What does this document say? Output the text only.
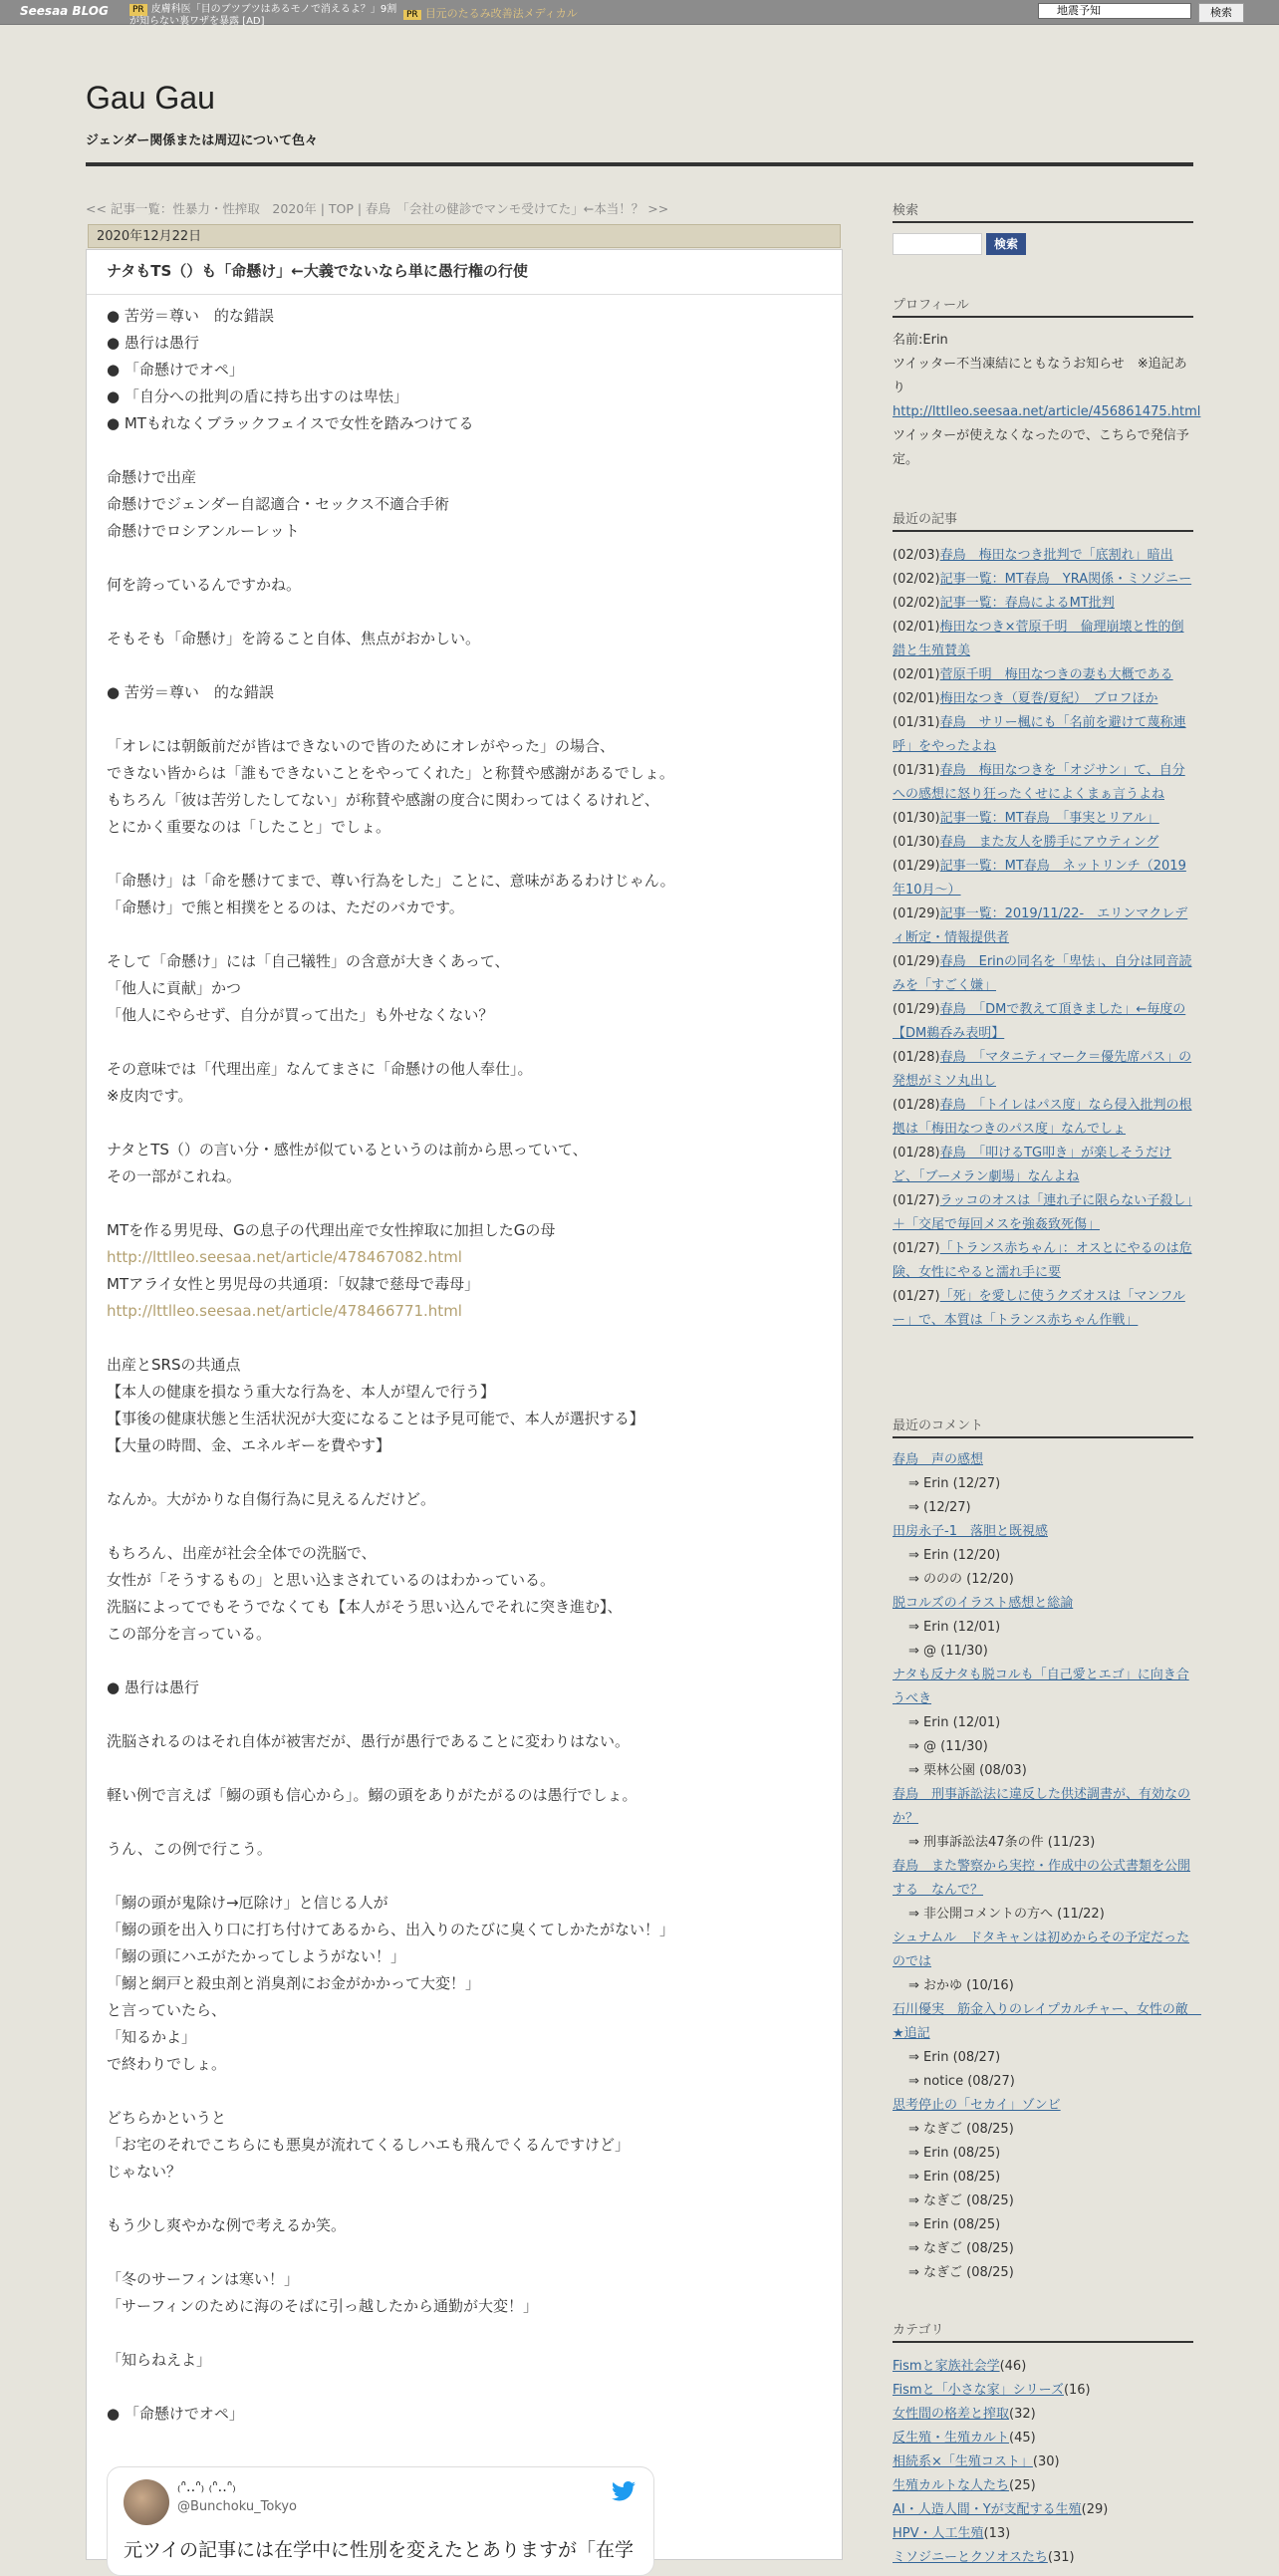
Seesaa BLOG	PR 皮膚科医「目のブツブツはあるモノで消えるよ？」9割が知らない裏ワザを暴露 [AD]
PR 目元のたるみ改善法メディカル	地震予知	検索
Gau Gau
ジェンダー関係または周辺について色々
<< 記事一覧：性暴力・性搾取　2020年 | TOP | 春鳥　「会社の健診でマンモ受けてた」←本当！？ >>
2020年12月22日
ナタもTS（）も「命懸け」←大義でないなら単に愚行権の行使
● 苦労＝尊い　的な錯誤
● 愚行は愚行
● 「命懸けでオペ」
● 「自分への批判の盾に持ち出すのは卑怯」
● MTもれなくブラックフェイスで女性を踏みつけてる

命懸けで出産
命懸けでジェンダー自認適合・セックス不適合手術
命懸けでロシアンルーレット

何を誇っているんですかね。

そもそも「命懸け」を誇ること自体、焦点がおかしい。

● 苦労＝尊い　的な錯誤

「オレには朝飯前だが皆はできないので皆のためにオレがやった」の場合、
できない皆からは「誰もできないことをやってくれた」と称賛や感謝があるでしょ。
もちろん「彼は苦労したしてない」が称賛や感謝の度合に関わってはくるけれど、
とにかく重要なのは「したこと」でしょ。

「命懸け」は「命を懸けてまで、尊い行為をした」ことに、意味があるわけじゃん。
「命懸け」で熊と相撲をとるのは、ただのバカです。

そして「命懸け」には「自己犠牲」の含意が大きくあって、
「他人に貢献」かつ
「他人にやらせず、自分が買って出た」も外せなくない？

その意味では「代理出産」なんてまさに「命懸けの他人奉仕」。
※皮肉です。

ナタとTS（）の言い分・感性が似ているというのは前から思っていて、
その一部がこれね。

MTを作る男児母、Gの息子の代理出産で女性搾取に加担したGの母
http://lttlleo.seesaa.net/article/478467082.html
MTアライ女性と男児母の共通項：「奴隷で慈母で毒母」
http://lttlleo.seesaa.net/article/478466771.html

出産とSRSの共通点
【本人の健康を損なう重大な行為を、本人が望んで行う】
【事後の健康状態と生活状況が大変になることは予見可能で、本人が選択する】
【大量の時間、金、エネルギーを費やす】

なんか。大がかりな自傷行為に見えるんだけど。

もちろん、出産が社会全体での洗脳で、
女性が「そうするもの」と思い込まされているのはわかっている。
洗脳によってでもそうでなくても【本人がそう思い込んでそれに突き進む】、
この部分を言っている。

● 愚行は愚行

洗脳されるのはそれ自体が被害だが、愚行が愚行であることに変わりはない。

軽い例で言えば「鰯の頭も信心から」。鰯の頭をありがたがるのは愚行でしょ。

うん、この例で行こう。

「鰯の頭が鬼除け→厄除け」と信じる人が
「鰯の頭を出入り口に打ち付けてあるから、出入りのたびに臭くてしかたがない！」
「鰯の頭にハエがたかってしようがない！」
「鰯と網戸と殺虫剤と消臭剤にお金がかかって大変！」
と言っていたら、
「知るかよ」
で終わりでしょ。

どちらかというと
「お宅のそれでこちらにも悪臭が流れてくるしハエも飛んでくるんですけど」
じゃない？

もう少し爽やかな例で考えるか笑。

「冬のサーフィンは寒い！」
「サーフィンのために海のそばに引っ越したから通勤が大変！」

「知らねえよ」

● 「命懸けでオペ」
₍ᐢ‥ᐢ₎ ₍ᐢ‥ᐢ₎
@Bunchoku_Tokyo
元ツイの記事には在学中に性別を変えたとありますが「在学
検索
検索
プロフィール
名前:Erin
ツイッター不当凍結にともなうお知らせ　※追記あり
http://lttlleo.seesaa.net/article/456861475.html
ツイッターが使えなくなったので、こちらで発信予定。
最近の記事
(02/03)春鳥　梅田なつき批判で「底割れ」暗出
(02/02)記事一覧：MT春鳥　YRA関係・ミソジニー
(02/02)記事一覧：春鳥によるMT批判
(02/01)梅田なつき×菅原千明　倫理崩壊と性的倒錯と生殖賛美
(02/01)菅原千明　梅田なつきの妻も大概である
(02/01)梅田なつき（夏巻/夏紀）　ブロフほか
(01/31)春鳥　サリー楓にも「名前を避けて蔑称連呼」をやったよね
(01/31)春鳥　梅田なつきを「オジサン」て、自分への感想に怒り狂ったくせによくまぁ言うよね
(01/30)記事一覧：MT春鳥　「事実とリアル」
(01/30)春鳥　また友人を勝手にアウティング
(01/29)記事一覧：MT春鳥　ネットリンチ（2019年10月～）
(01/29)記事一覧：2019/11/22-　エリンマクレディ断定・情報提供者
(01/29)春鳥　Erinの同名を「卑怯」、自分は同音読みを「すごく嫌」
(01/29)春鳥　「DMで教えて頂きました」←毎度の【DM鵜呑み表明】
(01/28)春鳥　「マタニティマーク＝優先席パス」の発想がミソ丸出し
(01/28)春鳥　「トイレはパス度」なら侵入批判の根拠は「梅田なつきのパス度」なんでしょ
(01/28)春鳥　「叩けるTG叩き」が楽しそうだけど、「ブーメラン劇場」なんよね
(01/27)ラッコのオスは「連れ子に限らない子殺し」＋「交尾で毎回メスを強姦致死傷」
(01/27)「トランス赤ちゃん」：オスとにやるのは危険、女性にやると濡れ手に要
(01/27)「死」を愛しに使うクズオスは「マンフルー」で、本質は「トランス赤ちゃん作戦」
最近のコメント
春鳥　声の感想
⇒ Erin (12/27)
⇒ (12/27)
田房永子-1　落胆と既視感
⇒ Erin (12/20)
⇒ ののの (12/20)
脱コルズのイラスト感想と総論
⇒ Erin (12/01)
⇒ @ (11/30)
ナタも反ナタも脱コルも「自己愛とエゴ」に向き合うべき
⇒ Erin (12/01)
⇒ @ (11/30)
⇒ 栗林公園 (08/03)
春鳥　刑事訴訟法に違反した供述調書が、有効なのか？
⇒ 刑事訴訟法47条の件 (11/23)
春鳥　また警察から実控・作成中の公式書類を公開する　なんで？
⇒ 非公開コメントの方へ (11/22)
シュナムル　ドタキャンは初めからその予定だったのでは
⇒ おかゆ (10/16)
石川優実　筋金入りのレイプカルチャー、女性の敵　★追記
⇒ Erin (08/27)
⇒ notice (08/27)
思考停止の「セカイ」ゾンビ
⇒ なぎご (08/25)
⇒ Erin (08/25)
⇒ Erin (08/25)
⇒ なぎご (08/25)
⇒ Erin (08/25)
⇒ なぎご (08/25)
⇒ なぎご (08/25)
カテゴリ
Fismと家族社会学(46)
Fismと「小さな家」シリーズ(16)
女性間の格差と搾取(32)
反生殖・生殖カルト(45)
相続系×「生殖コスト」(30)
生殖カルトな人たち(25)
AI・人造人間・Yが支配する生殖(29)
HPV・人工生殖(13)
ミソジニーとクソオスたち(31)
